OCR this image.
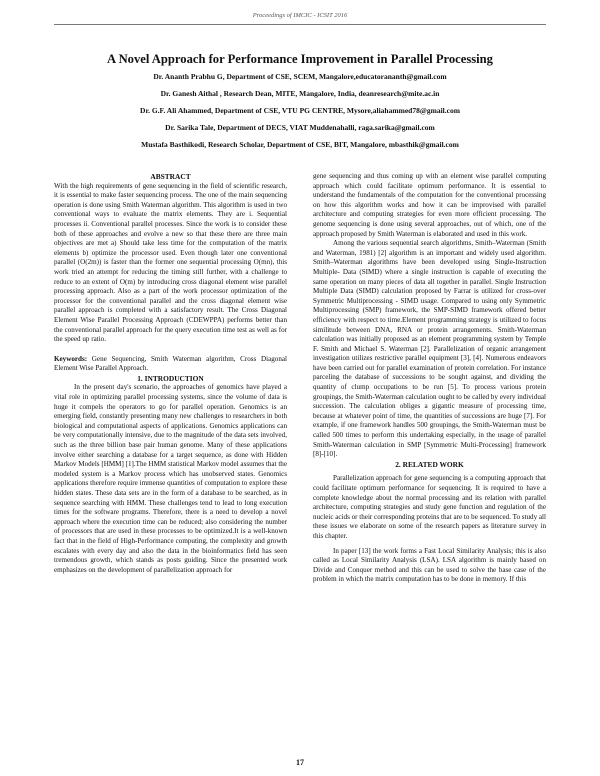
Proceedings of IMCIC - ICSIT 2016
A Novel Approach for Performance Improvement in Parallel Processing
Dr. Ananth Prabhu G, Department of CSE, SCEM, Mangalore,educatorananth@gmail.com
Dr. Ganesh Aithal , Research Dean, MITE, Mangalore, India, deanresearch@mite.ac.in
Dr. G.F. Ali Ahammed, Department of CSE, VTU PG CENTRE, Mysore,aliahammed78@gmail.com
Dr. Sarika Tale, Department of DECS, VIAT Muddenahalli, raga.sarika@gmail.com
Mustafa Basthikodi, Research Scholar, Department of CSE, BIT, Mangalore, mbasthik@gmail.com

ABSTRACT

With the high requirements of gene sequencing in the field of scientific research, it is essential to make faster sequencing process. The one of the main sequencing operation is done using Smith Waterman algorithm. This algorithm is used in two conventional ways to evaluate the matrix elements. They are i. Sequential processes ii. Conventional parallel processes. Since the work is to consider these both of these approaches and evolve a new so that these there are three main objectives are met a) Should take less time for the computation of the matrix elements b) optimize the processor used. Even though later one conventional parallel (O(2m)) is faster than the former one sequential processing O(mn), this work tried an attempt for reducing the timing still further, with a challenge to reduce to an extent of O(m) by introducing cross diagonal element wise parallel processing approach. Also as a part of the work processor optimization of the processor for the conventional parallel and the cross diagonal element wise parallel approach is completed with a satisfactory result. The Cross Diagonal Element Wise Parallel Processing Approach (CDEWPPA) performs better than the conventional parallel approach for the query execution time test as well as for the speed up ratio.

Keywords: Gene Sequencing, Smith Waterman algorithm, Cross Diagonal Element Wise Parallel Approach.

1. INTRODUCTION

In the present day's scenario, the approaches of genomics have played a vital role in optimizing parallel processing systems, since the volume of data is huge it compels the operators to go for parallel operation. Genomics is an emerging field, constantly presenting many new challenges to researchers in both biological and computational aspects of applications. Genomics applications can be very computationally intensive, due to the magnitude of the data sets involved, such as the three billion base pair human genome. Many of these applications involve either searching a database for a target sequence, as done with Hidden Markov Models [HMM] [1].The HMM statistical Markov model assumes that the modeled system is a Markov process which has unobserved states. Genomics applications therefore require immense quantities of computation to explore these hidden states. These data sets are in the form of a database to be searched, as in sequence searching with HMM. These challenges tend to lead to long execution times for the software programs. Therefore, there is a need to develop a novel approach where the execution time can be reduced; also considering the number of processors that are used in these processes to be optimized.It is a well-known fact that in the field of High-Performance computing, the complexity and growth escalates with every day and also the data in the bioinformatics field has seen tremendous growth, which stands as posts guiding. Since the presented work emphasizes on the development of parallelization approach for

gene sequencing and thus coming up with an element wise parallel computing approach which could facilitate optimum performance. It is essential to understand the fundamentals of the computation for the conventional processing on how this algorithm works and how it can be improvised with parallel architecture and computing strategies for even more efficient processing. The genome sequencing is done using several approaches, out of which, one of the approach proposed by Smith Waterman is elaborated and used in this work.

Among the various sequential search algorithms, Smith–Waterman (Smith and Waterman, 1981) [2] algorithm is an important and widely used algorithm. Smith–Waterman algorithms have been developed using Single-Instruction Multiple- Data (SIMD) where a single instruction is capable of executing the same operation on many pieces of data all together in parallel. Single Instruction Multiple Data (SIMD) calculation proposed by Farrar is utilized for cross-over Symmetric Multiprocessing - SIMD usage. Compared to using only Symmetric Multiprocessing (SMP) framework, the SMP-SIMD framework offered better efficiency with respect to time.Element programming strategy is utilized to focus similitude between DNA, RNA or protein arrangements. Smith-Waterman calculation was initially proposed as an element programming system by Temple F. Smith and Michael S. Waterman [2]. Parallelization of organic arrangement investigation utilizes restrictive parallel equipment [3], [4]. Numerous endeavors have been carried out for parallel examination of protein correlation. For instance parceling the database of successions to be sought against, and dividing the quantity of clump occupations to be run [5]. To process various protein groupings, the Smith-Waterman calculation ought to be called by every individual succession. The calculation obliges a gigantic measure of processing time, because at whatever point of time, the quantities of successions are huge [7]. For example, if one framework handles 500 groupings, the Smith-Waterman must be called 500 times to perform this undertaking especially, in the usage of parallel Smith-Waterman calculation in SMP [Symmetric Multi-Processing] framework [8]-[10].

2. RELATED WORK

Parallelization approach for gene sequencing is a computing approach that could facilitate optimum performance for sequencing. It is required to have a complete knowledge about the normal processing and its relation with parallel architecture, computing strategies and study gene function and regulation of the nucleic acids or their corresponding proteins that are to be sequenced. To study all these issues we elaborate on some of the research papers as literature survey in this chapter.

In paper [13] the work forms a Fast Local Similarity Analysis; this is also called as Local Similarity Analysis (LSA). LSA algorithm is mainly based on Divide and Conquer method and this can be used to solve the base case of the problem in which the matrix computation has to be done in memory. If this

17
